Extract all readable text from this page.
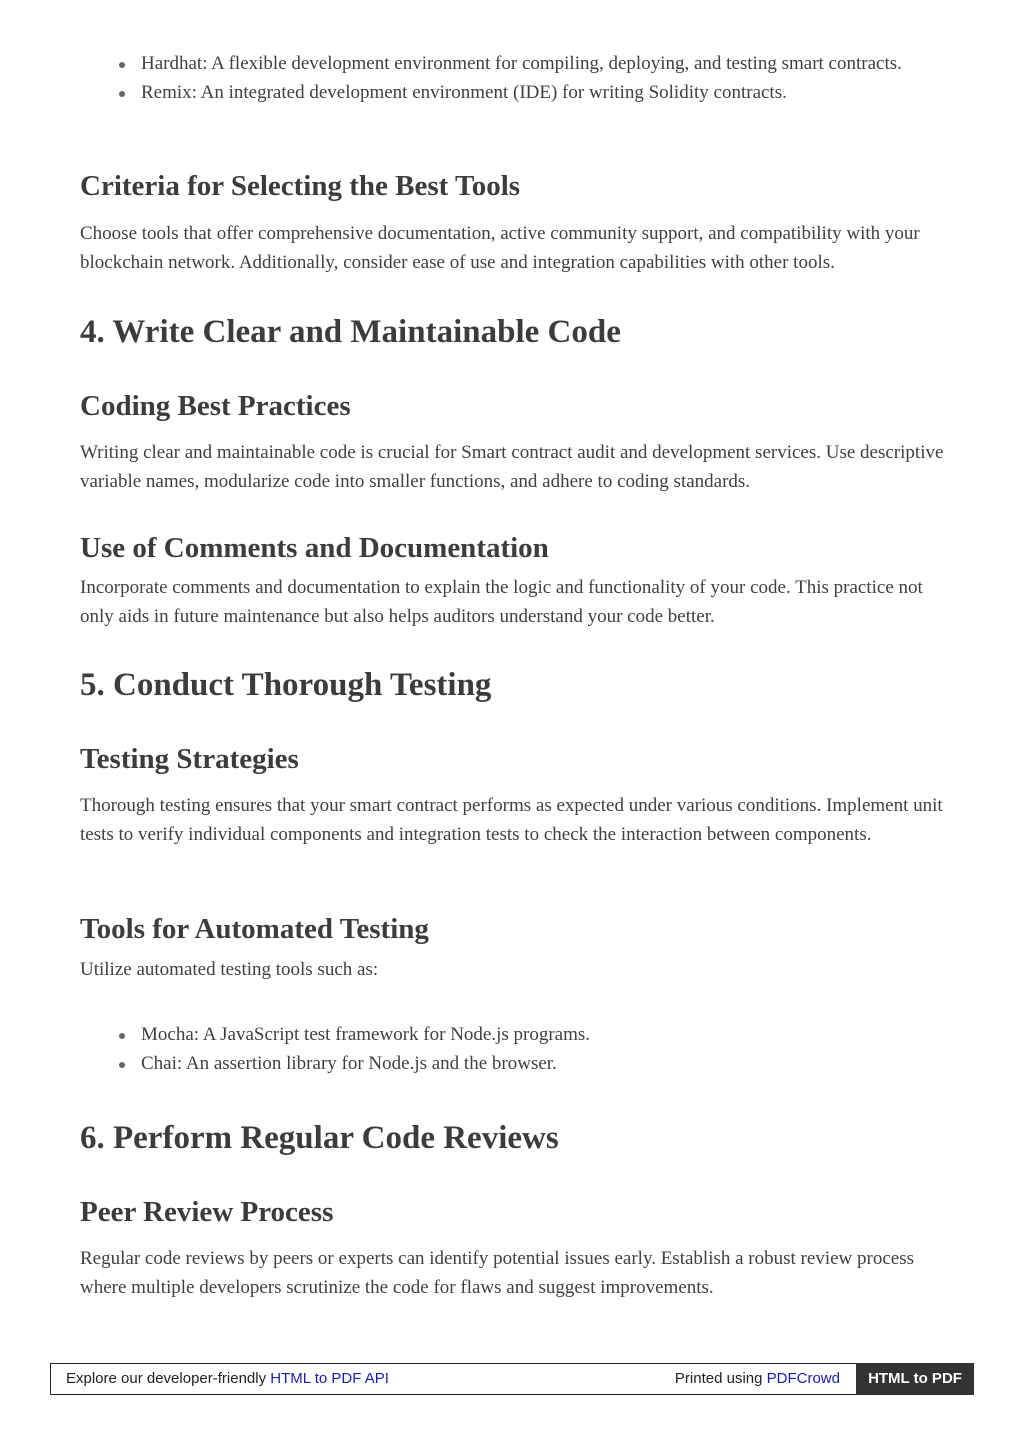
Hardhat: A flexible development environment for compiling, deploying, and testing smart contracts.
Remix: An integrated development environment (IDE) for writing Solidity contracts.
Criteria for Selecting the Best Tools

Choose tools that offer comprehensive documentation, active community support, and compatibility with your blockchain network. Additionally, consider ease of use and integration capabilities with other tools.

4. Write Clear and Maintainable Code
Coding Best Practices

Writing clear and maintainable code is crucial for Smart contract audit and development services. Use descriptive variable names, modularize code into smaller functions, and adhere to coding standards.

Use of Comments and Documentation

Incorporate comments and documentation to explain the logic and functionality of your code. This practice not only aids in future maintenance but also helps auditors understand your code better.

5. Conduct Thorough Testing
Testing Strategies

Thorough testing ensures that your smart contract performs as expected under various conditions. Implement unit tests to verify individual components and integration tests to check the interaction between components.

Tools for Automated Testing

Utilize automated testing tools such as:

Mocha: A JavaScript test framework for Node.js programs.
Chai: An assertion library for Node.js and the browser.
6. Perform Regular Code Reviews
Peer Review Process

Regular code reviews by peers or experts can identify potential issues early. Establish a robust review process where multiple developers scrutinize the code for flaws and suggest improvements.

Explore our developer-friendly HTML to PDF API	Printed using PDFCrowd	HTML to PDF
